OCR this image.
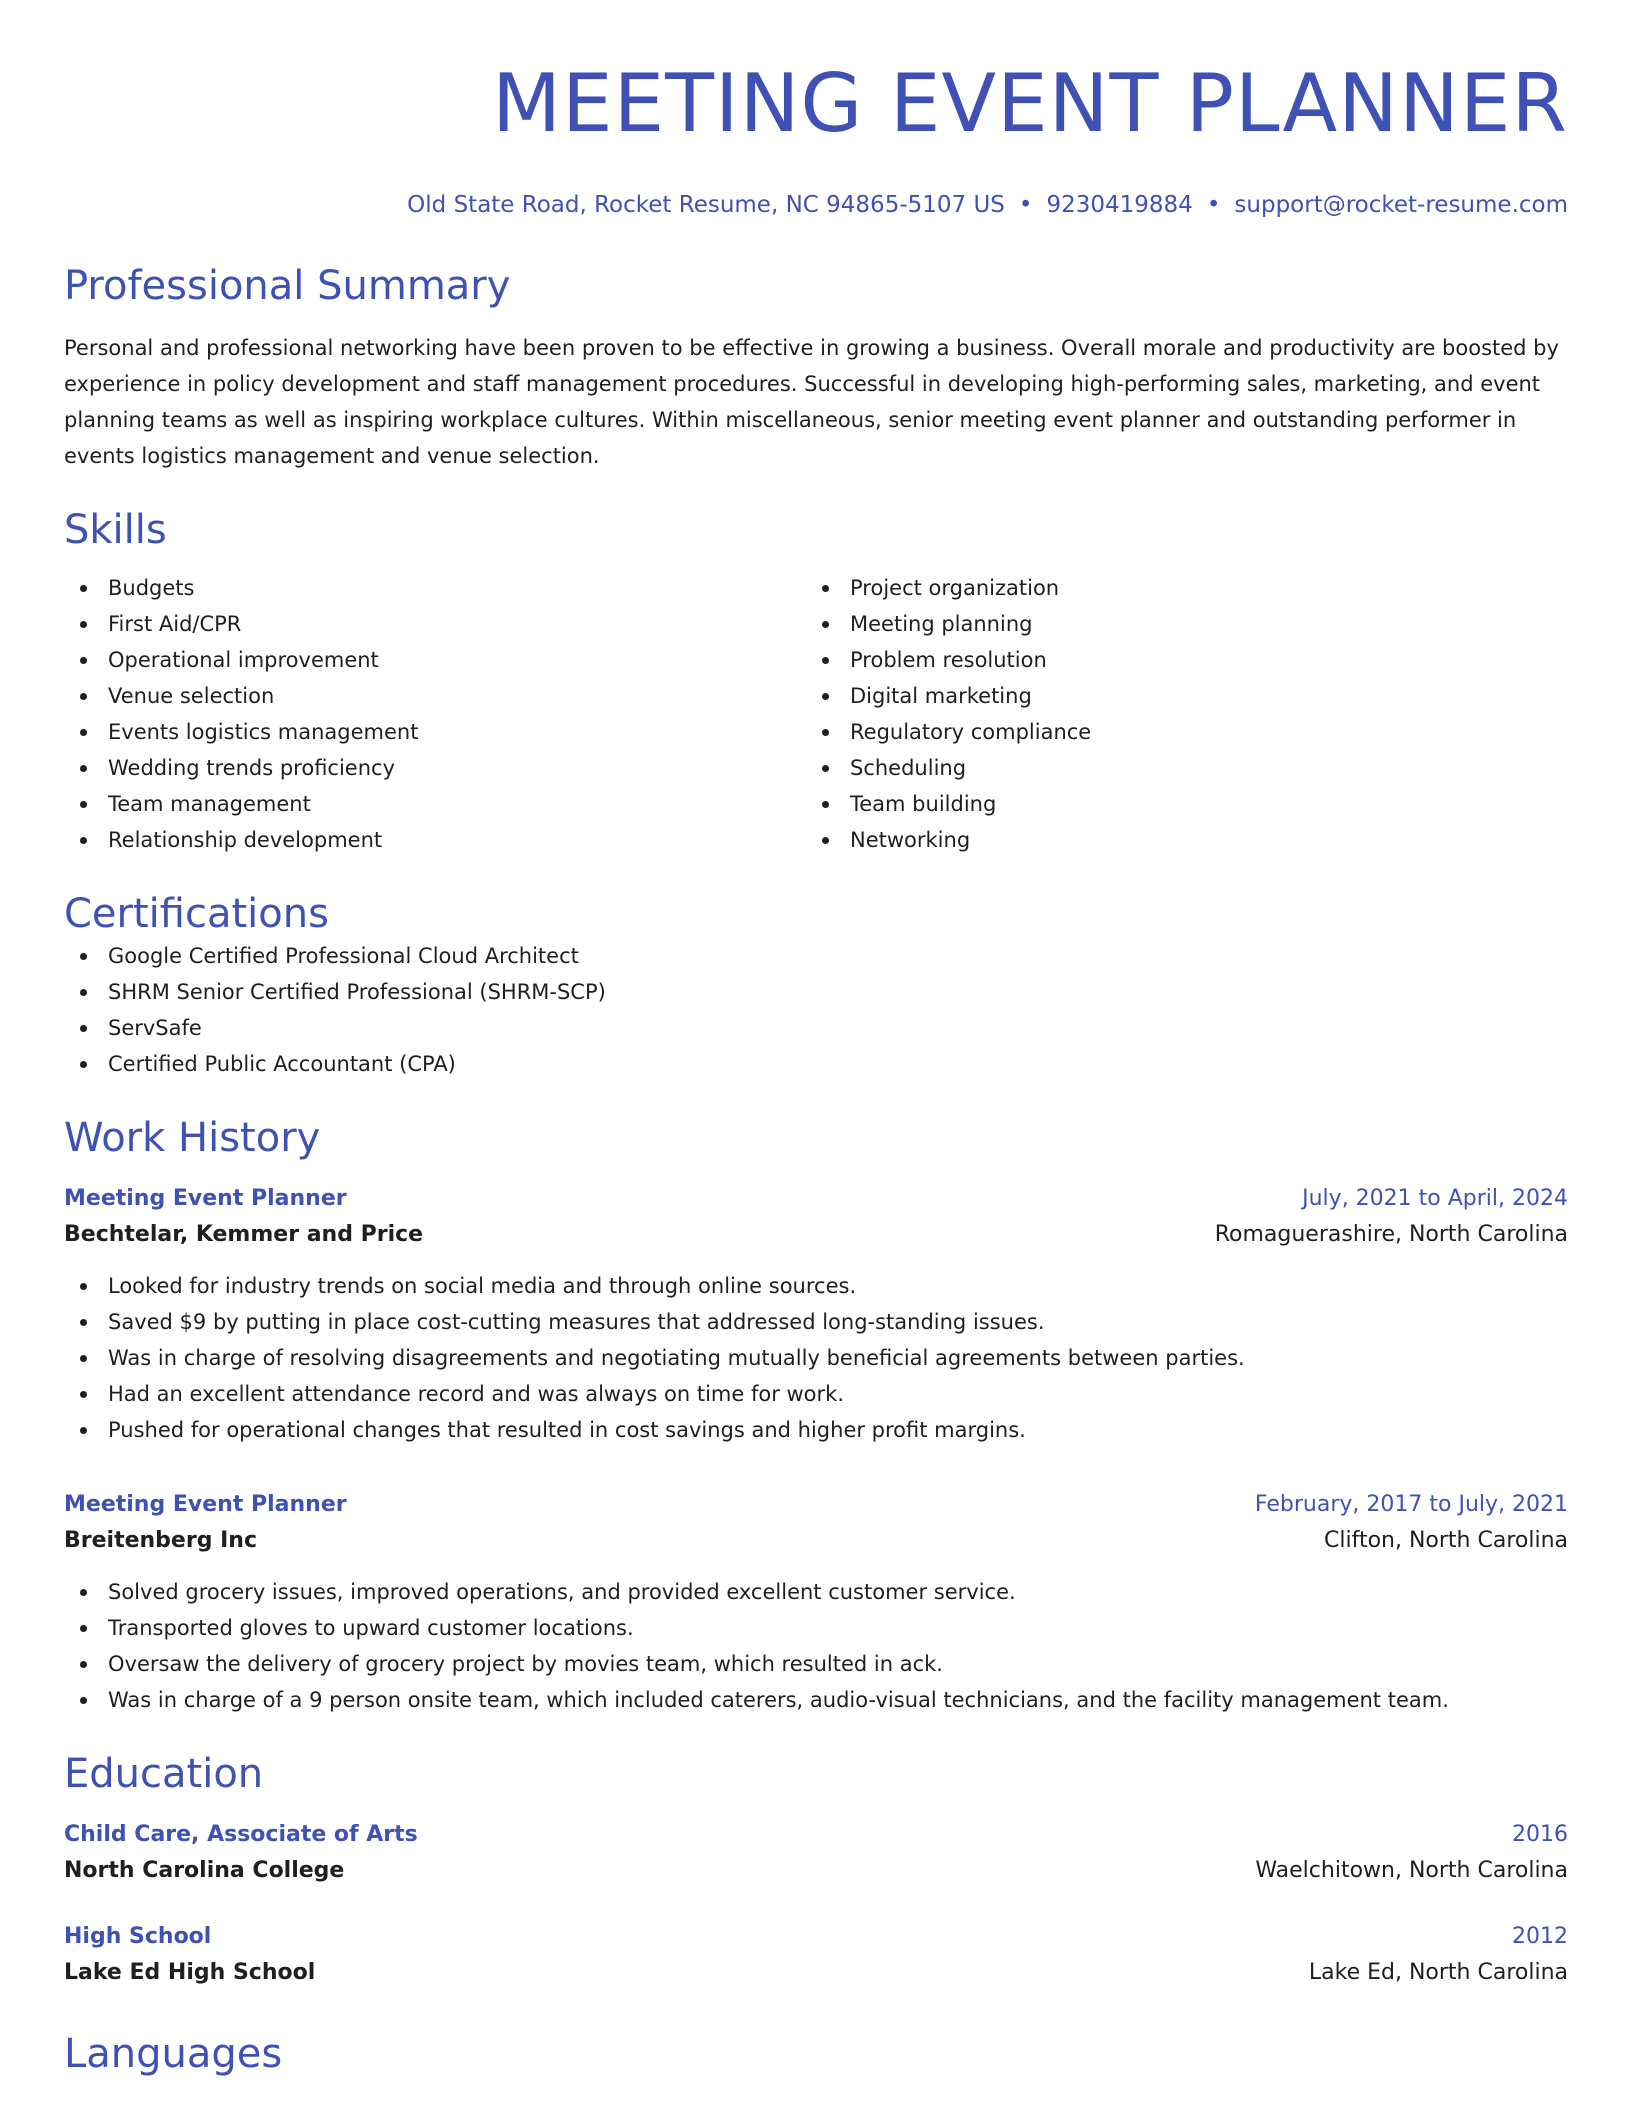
MEETING EVENT PLANNER
Old State Road, Rocket Resume, NC 94865-5107 US • 9230419884 • support@rocket-resume.com
Professional Summary
Personal and professional networking have been proven to be effective in growing a business. Overall morale and productivity are boosted by experience in policy development and staff management procedures. Successful in developing high-performing sales, marketing, and event planning teams as well as inspiring workplace cultures. Within miscellaneous, senior meeting event planner and outstanding performer in events logistics management and venue selection.
Skills
Budgets
First Aid/CPR
Operational improvement
Venue selection
Events logistics management
Wedding trends proficiency
Team management
Relationship development
Project organization
Meeting planning
Problem resolution
Digital marketing
Regulatory compliance
Scheduling
Team building
Networking
Certifications
Google Certified Professional Cloud Architect
SHRM Senior Certified Professional (SHRM-SCP)
ServSafe
Certified Public Accountant (CPA)
Work History
Meeting Event Planner	July, 2021 to April, 2024
Bechtelar, Kemmer and Price	Romaguerashire, North Carolina
Looked for industry trends on social media and through online sources.
Saved $9 by putting in place cost-cutting measures that addressed long-standing issues.
Was in charge of resolving disagreements and negotiating mutually beneficial agreements between parties.
Had an excellent attendance record and was always on time for work.
Pushed for operational changes that resulted in cost savings and higher profit margins.
Meeting Event Planner	February, 2017 to July, 2021
Breitenberg Inc	Clifton, North Carolina
Solved grocery issues, improved operations, and provided excellent customer service.
Transported gloves to upward customer locations.
Oversaw the delivery of grocery project by movies team, which resulted in ack.
Was in charge of a 9 person onsite team, which included caterers, audio-visual technicians, and the facility management team.
Education
Child Care, Associate of Arts	2016
North Carolina College	Waelchitown, North Carolina
High School	2012
Lake Ed High School	Lake Ed, North Carolina
Languages
